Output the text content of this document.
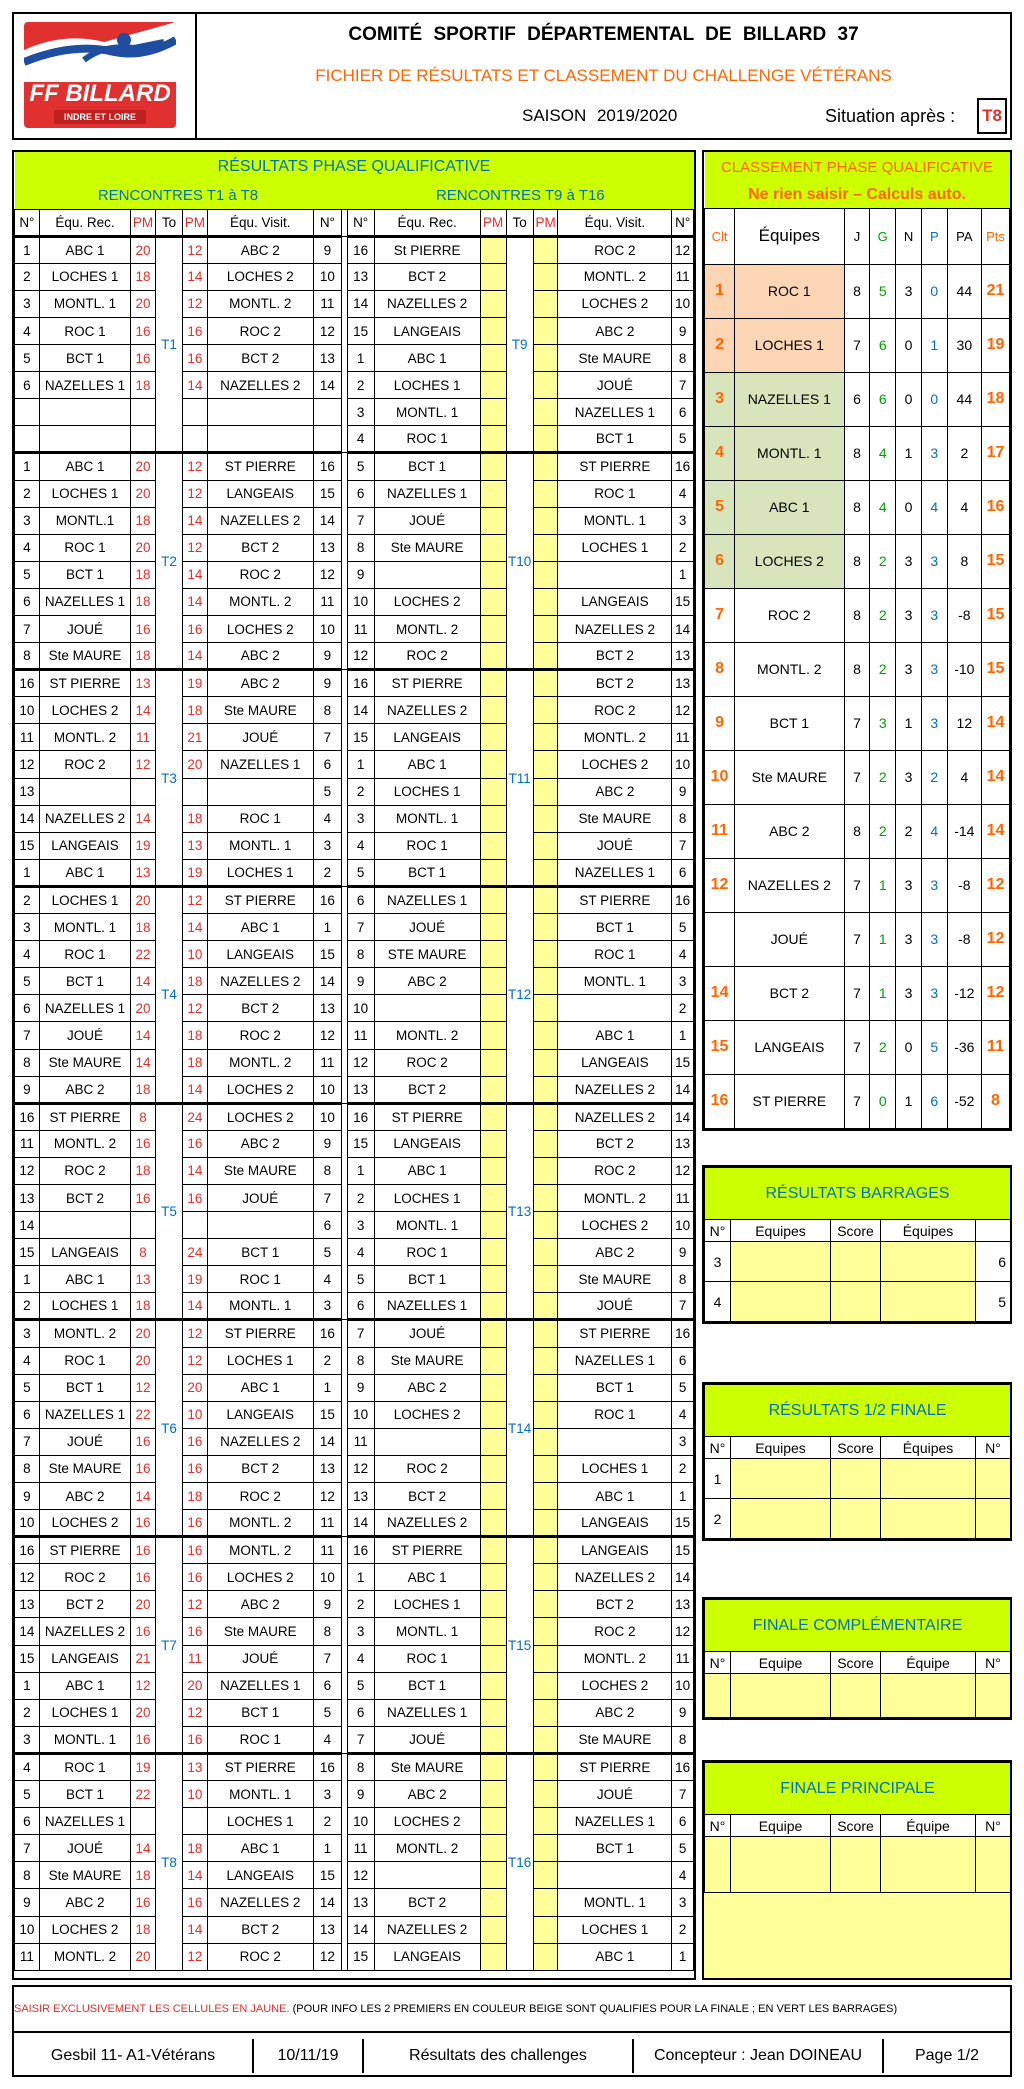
FF BILLARD
INDRE ET LOIRE
COMITÉ SPORTIF DÉPARTEMENTAL DE BILLARD 37
FICHIER DE RÉSULTATS ET CLASSEMENT DU CHALLENGE VÉTÉRANS
SAISON 2019/2020	Situation après : T8
RÉSULTATS PHASE QUALIFICATIVE														
RENCONTRES T1 à T8								RENCONTRES T9 à T16						
N°	Équ. Rec.	PM	To	PM	Équ. Visit.	N°		N°	Équ. Rec.	PM	To	PM	Équ. Visit.	N°
1	ABC 1	20	T1	12	ABC 2	9		16	St PIERRE		T9		ROC 2	12
2	LOCHES 1	18		14	LOCHES 2	10		13	BCT 2				MONTL. 2	11
3	MONTL. 1	20		12	MONTL. 2	11		14	NAZELLES 2				LOCHES 2	10
4	ROC 1	16		16	ROC 2	12		15	LANGEAIS				ABC 2	9
5	BCT 1	16		16	BCT 2	13		1	ABC 1				Ste MAURE	8
6	NAZELLES 1	18		14	NAZELLES 2	14		2	LOCHES 1				JOUÉ	7
								3	MONTL. 1				NAZELLES 1	6
								4	ROC 1				BCT 1	5
1	ABC 1	20	T2	12	ST PIERRE	16		5	BCT 1		T10		ST PIERRE	16
2	LOCHES 1	20		12	LANGEAIS	15		6	NAZELLES 1				ROC 1	4
3	MONTL.1	18		14	NAZELLES 2	14		7	JOUÉ				MONTL. 1	3
4	ROC 1	20		12	BCT 2	13		8	Ste MAURE				LOCHES 1	2
5	BCT 1	18		14	ROC 2	12		9						1
6	NAZELLES 1	18		14	MONTL. 2	11		10	LOCHES 2				LANGEAIS	15
7	JOUÉ	16		16	LOCHES 2	10		11	MONTL. 2				NAZELLES 2	14
8	Ste MAURE	18		14	ABC 2	9		12	ROC 2				BCT 2	13
16	ST PIERRE	13	T3	19	ABC 2	9		16	ST PIERRE		T11		BCT 2	13
10	LOCHES 2	14		18	Ste MAURE	8		14	NAZELLES 2				ROC 2	12
11	MONTL. 2	11		21	JOUÉ	7		15	LANGEAIS				MONTL. 2	11
12	ROC 2	12		20	NAZELLES 1	6		1	ABC 1				LOCHES 2	10
13						5		2	LOCHES 1				ABC 2	9
14	NAZELLES 2	14		18	ROC 1	4		3	MONTL. 1				Ste MAURE	8
15	LANGEAIS	19		13	MONTL. 1	3		4	ROC 1				JOUÉ	7
1	ABC 1	13		19	LOCHES 1	2		5	BCT 1				NAZELLES 1	6
2	LOCHES 1	20	T4	12	ST PIERRE	16		6	NAZELLES 1		T12		ST PIERRE	16
3	MONTL. 1	18		14	ABC 1	1		7	JOUÉ				BCT 1	5
4	ROC 1	22		10	LANGEAIS	15		8	STE MAURE				ROC 1	4
5	BCT 1	14		18	NAZELLES 2	14		9	ABC 2				MONTL. 1	3
6	NAZELLES 1	20		12	BCT 2	13		10						2
7	JOUÉ	14		18	ROC 2	12		11	MONTL. 2				ABC 1	1
8	Ste MAURE	14		18	MONTL. 2	11		12	ROC 2				LANGEAIS	15
9	ABC 2	18		14	LOCHES 2	10		13	BCT 2				NAZELLES 2	14
16	ST PIERRE	8	T5	24	LOCHES 2	10		16	ST PIERRE		T13		NAZELLES 2	14
11	MONTL. 2	16		16	ABC 2	9		15	LANGEAIS				BCT 2	13
12	ROC 2	18		14	Ste MAURE	8		1	ABC 1				ROC 2	12
13	BCT 2	16		16	JOUÉ	7		2	LOCHES 1				MONTL. 2	11
14						6		3	MONTL. 1				LOCHES 2	10
15	LANGEAIS	8		24	BCT 1	5		4	ROC 1				ABC 2	9
1	ABC 1	13		19	ROC 1	4		5	BCT 1				Ste MAURE	8
2	LOCHES 1	18		14	MONTL. 1	3		6	NAZELLES 1				JOUÉ	7
3	MONTL. 2	20	T6	12	ST PIERRE	16		7	JOUÉ		T14		ST PIERRE	16
4	ROC 1	20		12	LOCHES 1	2		8	Ste MAURE				NAZELLES 1	6
5	BCT 1	12		20	ABC 1	1		9	ABC 2				BCT 1	5
6	NAZELLES 1	22		10	LANGEAIS	15		10	LOCHES 2				ROC 1	4
7	JOUÉ	16		16	NAZELLES 2	14		11						3
8	Ste MAURE	16		16	BCT 2	13		12	ROC 2				LOCHES 1	2
9	ABC 2	14		18	ROC 2	12		13	BCT 2				ABC 1	1
10	LOCHES 2	16		16	MONTL. 2	11		14	NAZELLES 2				LANGEAIS	15
16	ST PIERRE	16	T7	16	MONTL. 2	11		16	ST PIERRE		T15		LANGEAIS	15
12	ROC 2	16		16	LOCHES 2	10		1	ABC 1				NAZELLES 2	14
13	BCT 2	20		12	ABC 2	9		2	LOCHES 1				BCT 2	13
14	NAZELLES 2	16		16	Ste MAURE	8		3	MONTL. 1				ROC 2	12
15	LANGEAIS	21		11	JOUÉ	7		4	ROC 1				MONTL. 2	11
1	ABC 1	12		20	NAZELLES 1	6		5	BCT 1				LOCHES 2	10
2	LOCHES 1	20		12	BCT 1	5		6	NAZELLES 1				ABC 2	9
3	MONTL. 1	16		16	ROC 1	4		7	JOUÉ				Ste MAURE	8
4	ROC 1	19	T8	13	ST PIERRE	16		8	Ste MAURE		T16		ST PIERRE	16
5	BCT 1	22		10	MONTL. 1	3		9	ABC 2				JOUÉ	7
6	NAZELLES 1				LOCHES 1	2		10	LOCHES 2				NAZELLES 1	6
7	JOUÉ	14		18	ABC 1	1		11	MONTL. 2				BCT 1	5
8	Ste MAURE	18		14	LANGEAIS	15		12						4
9	ABC 2	16		16	NAZELLES 2	14		13	BCT 2				MONTL. 1	3
10	LOCHES 2	18		14	BCT 2	13		14	NAZELLES 2				LOCHES 1	2
11	MONTL. 2	20		12	ROC 2	12		15	LANGEAIS				ABC 1	1
CLASSEMENT PHASE QUALIFICATIVE							
Ne rien saisir – Calculs auto.							
Clt	Équipes	J	G	N	P	PA	Pts
1	ROC 1	8	5	3	0	44	21
2	LOCHES 1	7	6	0	1	30	19
3	NAZELLES 1	6	6	0	0	44	18
4	MONTL. 1	8	4	1	3	2	17
5	ABC 1	8	4	0	4	4	16
6	LOCHES 2	8	2	3	3	8	15
7	ROC 2	8	2	3	3	-8	15
8	MONTL. 2	8	2	3	3	-10	15
9	BCT 1	7	3	1	3	12	14
10	Ste MAURE	7	2	3	2	4	14
11	ABC 2	8	2	2	4	-14	14
12	NAZELLES 2	7	1	3	3	-8	12
	JOUÉ	7	1	3	3	-8	12
14	BCT 2	7	1	3	3	-12	12
15	LANGEAIS	7	2	0	5	-36	11
16	ST PIERRE	7	0	1	6	-52	8
RÉSULTATS BARRAGES				
N°	Equipes	Score	Équipes	
3				6
4				5
RÉSULTATS 1/2 FINALE				
N°	Equipes	Score	Équipes	N°
1				
2				
FINALE COMPLÉMENTAIRE				
N°	Equipe	Score	Équipe	N°

FINALE PRINCIPALE				
N°	Equipe	Score	Équipe	N°

SAISIR EXCLUSIVEMENT LES CELLULES EN JAUNE. (POUR INFO LES 2 PREMIERS EN COULEUR BEIGE SONT QUALIFIES POUR LA FINALE ; EN VERT LES BARRAGES)
Gesbil 11- A1-Vétérans	10/11/19	Résultats des challenges	Concepteur : Jean DOINEAU	Page 1/2
